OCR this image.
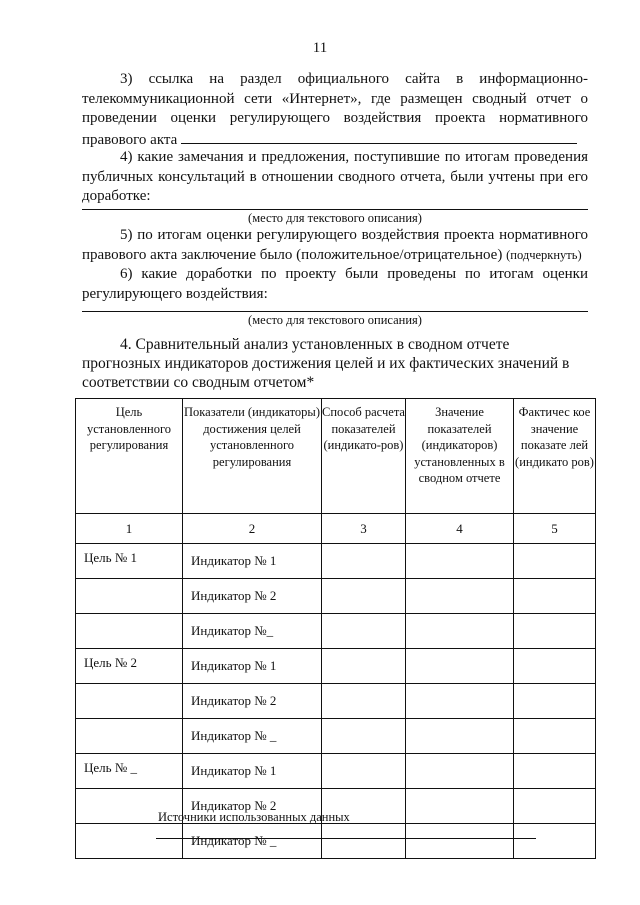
11
3) ссылка на раздел официального сайта в информационно-телекоммуникационной сети «Интернет», где размещен сводный отчет о проведении оценки регулирующего воздействия проекта нормативного правового акта
4) какие замечания и предложения, поступившие по итогам проведения публичных консультаций в отношении сводного отчета, были учтены при его доработке:
(место для текстового описания)
5) по итогам оценки регулирующего воздействия проекта нормативного правового акта заключение было (положительное/отрицательное) (подчеркнуть)
6) какие доработки по проекту были проведены по итогам оценки регулирующего воздействия:
(место для текстового описания)
4. Сравнительный анализ установленных в сводном отчете прогнозных индикаторов достижения целей и их фактических значений в соответствии со сводным отчетом*
Цель установленного регулирования	Показатели (индикаторы) достижения целей установленного регулирования	Способ расчета показателей (индикато-ров)	Значение показателей (индикаторов) установленных в сводном отчете	Фактичес кое значение показате лей (индикато ров)
1	2	3	4	5
Цель № 1	Индикатор № 1			
	Индикатор № 2			
	Индикатор №_			
Цель № 2	Индикатор № 1			
	Индикатор № 2			
	Индикатор № _			
Цель № _	Индикатор № 1			
	Индикатор № 2			
	Индикатор № _			
Источники использованных данных
